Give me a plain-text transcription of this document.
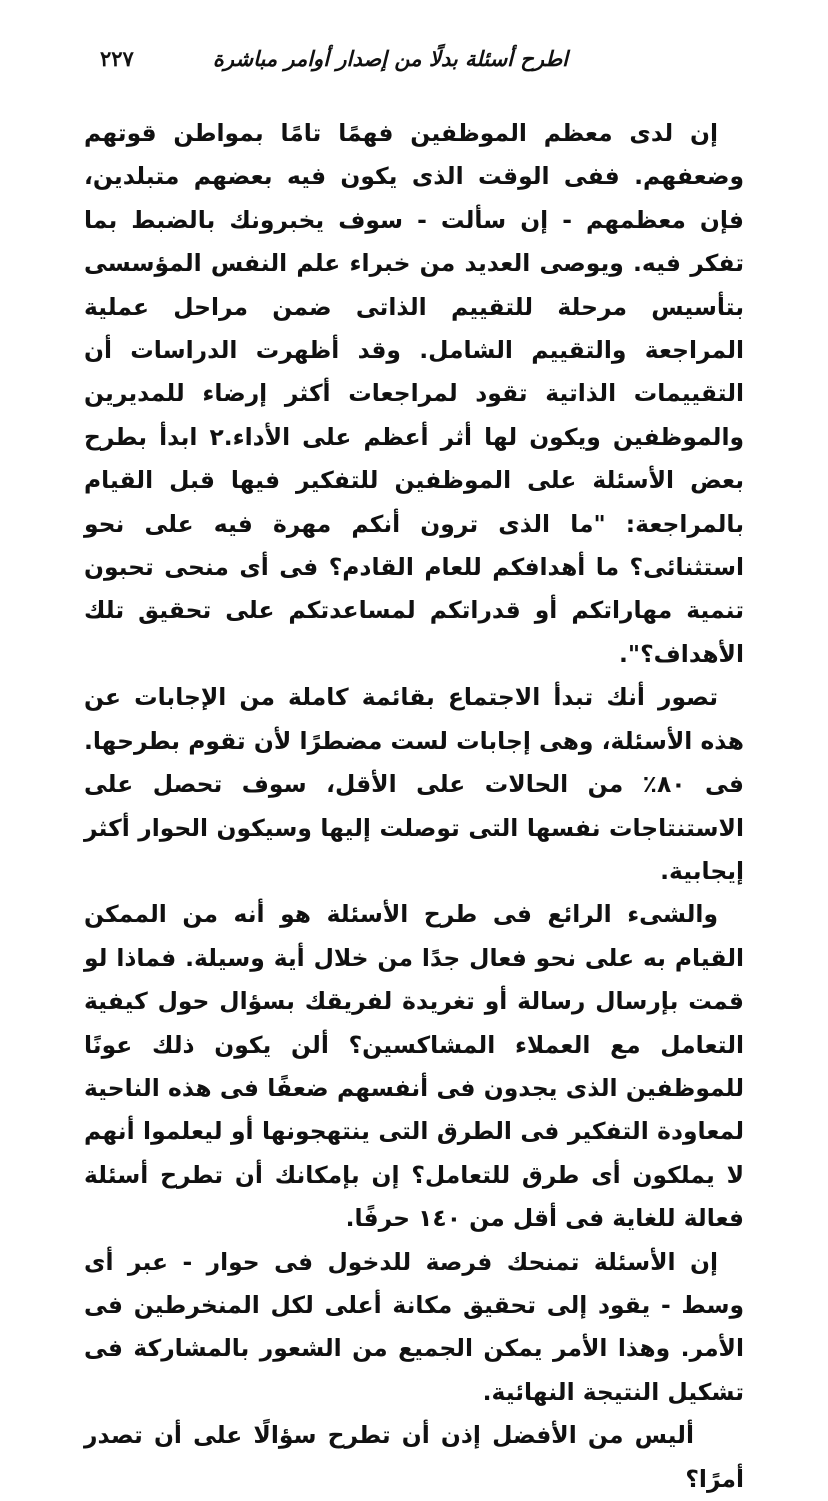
اطرح أسئلة بدلًا من إصدار أوامر مباشرة
٢٢٧

إن لدى معظم الموظفين فهمًا تامًا بمواطن قوتهم وضعفهم. ففى الوقت الذى يكون فيه بعضهم متبلدين، فإن معظمهم - إن سألت - سوف يخبرونك بالضبط بما تفكر فيه. ويوصى العديد من خبراء علم النفس المؤسسى بتأسيس مرحلة للتقييم الذاتى ضمن مراحل عملية المراجعة والتقييم الشامل. وقد أظهرت الدراسات أن التقييمات الذاتية تقود لمراجعات أكثر إرضاء للمديرين والموظفين ويكون لها أثر أعظم على الأداء.٢ ابدأ بطرح بعض الأسئلة على الموظفين للتفكير فيها قبل القيام بالمراجعة: "ما الذى ترون أنكم مهرة فيه على نحو استثنائى؟ ما أهدافكم للعام القادم؟ فى أى منحى تحبون تنمية مهاراتكم أو قدراتكم لمساعدتكم على تحقيق تلك الأهداف؟".

تصور أنك تبدأ الاجتماع بقائمة كاملة من الإجابات عن هذه الأسئلة، وهى إجابات لست مضطرًا لأن تقوم بطرحها. فى ٨٠٪ من الحالات على الأقل، سوف تحصل على الاستنتاجات نفسها التى توصلت إليها وسيكون الحوار أكثر إيجابية.

والشىء الرائع فى طرح الأسئلة هو أنه من الممكن القيام به على نحو فعال جدًا من خلال أية وسيلة. فماذا لو قمت بإرسال رسالة أو تغريدة لفريقك بسؤال حول كيفية التعامل مع العملاء المشاكسين؟ ألن يكون ذلك عونًا للموظفين الذى يجدون فى أنفسهم ضعفًا فى هذه الناحية لمعاودة التفكير فى الطرق التى ينتهجونها أو ليعلموا أنهم لا يملكون أى طرق للتعامل؟ إن بإمكانك أن تطرح أسئلة فعالة للغاية فى أقل من ١٤٠ حرفًا.

إن الأسئلة تمنحك فرصة للدخول فى حوار - عبر أى وسط - يقود إلى تحقيق مكانة أعلى لكل المنخرطين فى الأمر. وهذا الأمر يمكن الجميع من الشعور بالمشاركة فى تشكيل النتيجة النهائية.

أليس من الأفضل إذن أن تطرح سؤالًا على أن تصدر أمرًا؟
